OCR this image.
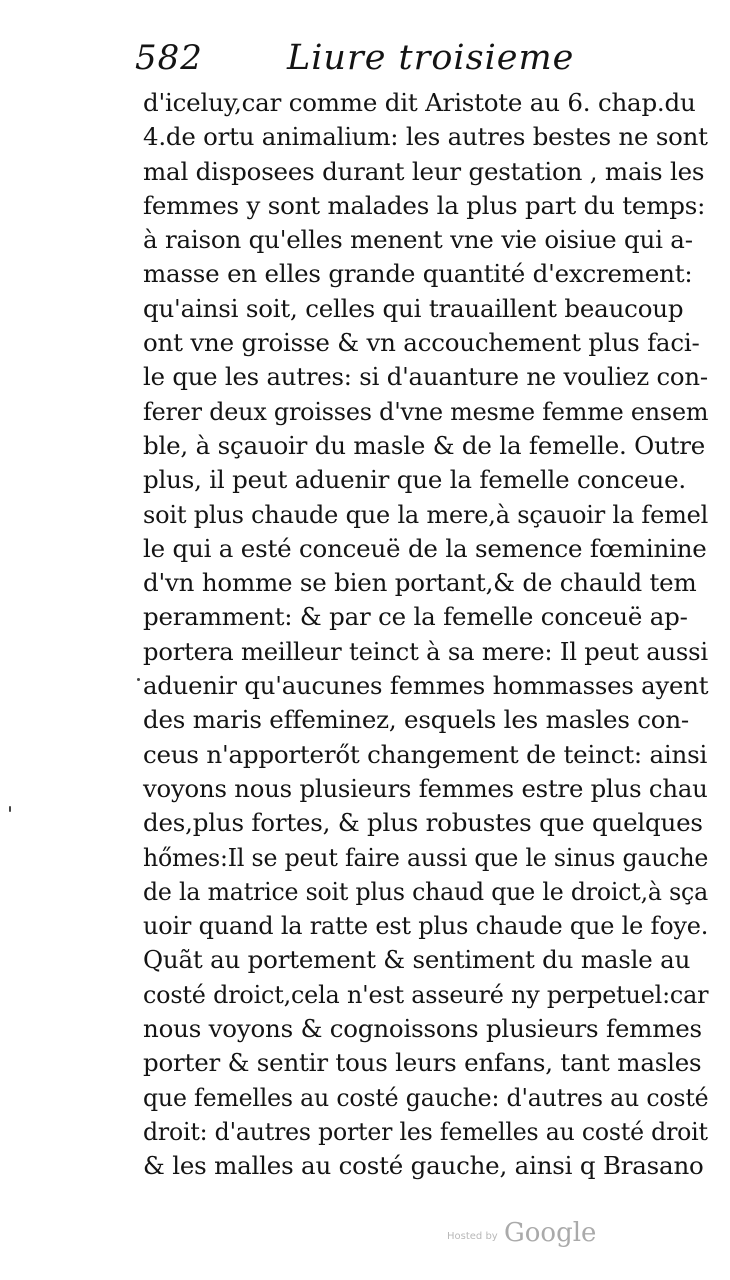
582 Liure troisieme
d'iceluy,car comme dit Aristote au 6. chap.du
4.de ortu animalium: les autres bestes ne sont
mal disposees durant leur gestation , mais les
femmes y sont malades la plus part du temps:
à raison qu'elles menent vne vie oisiue qui a-
masse en elles grande quantité d'excrement:
qu'ainsi soit, celles qui trauaillent beaucoup
ont vne groisse & vn accouchement plus faci-
le que les autres: si d'auanture ne vouliez con-
ferer deux groisses d'vne mesme femme ensem
ble, à sçauoir du masle & de la femelle. Outre
plus, il peut aduenir que la femelle conceue.
soit plus chaude que la mere,à sçauoir la femel
le qui a esté conceuë de la semence fœminine
d'vn homme se bien portant,& de chauld tem
peramment: & par ce la femelle conceuë ap-
portera meilleur teinct à sa mere: Il peut aussi
aduenir qu'aucunes femmes hommasses ayent
des maris effeminez, esquels les masles con-
ceus n'apporterőt changement de teinct: ainsi
voyons nous plusieurs femmes estre plus chau
des,plus fortes, & plus robustes que quelques
hőmes:Il se peut faire aussi que le sinus gauche
de la matrice soit plus chaud que le droict,à sça
uoir quand la ratte est plus chaude que le foye.
Quãt au portement & sentiment du masle au
costé droict,cela n'est asseuré ny perpetuel:car
nous voyons & cognoissons plusieurs femmes
porter & sentir tous leurs enfans, tant masles
que femelles au costé gauche: d'autres au costé
droit: d'autres porter les femelles au costé droit
& les malles au costé gauche, ainsi q Brasano
Hosted by Google
